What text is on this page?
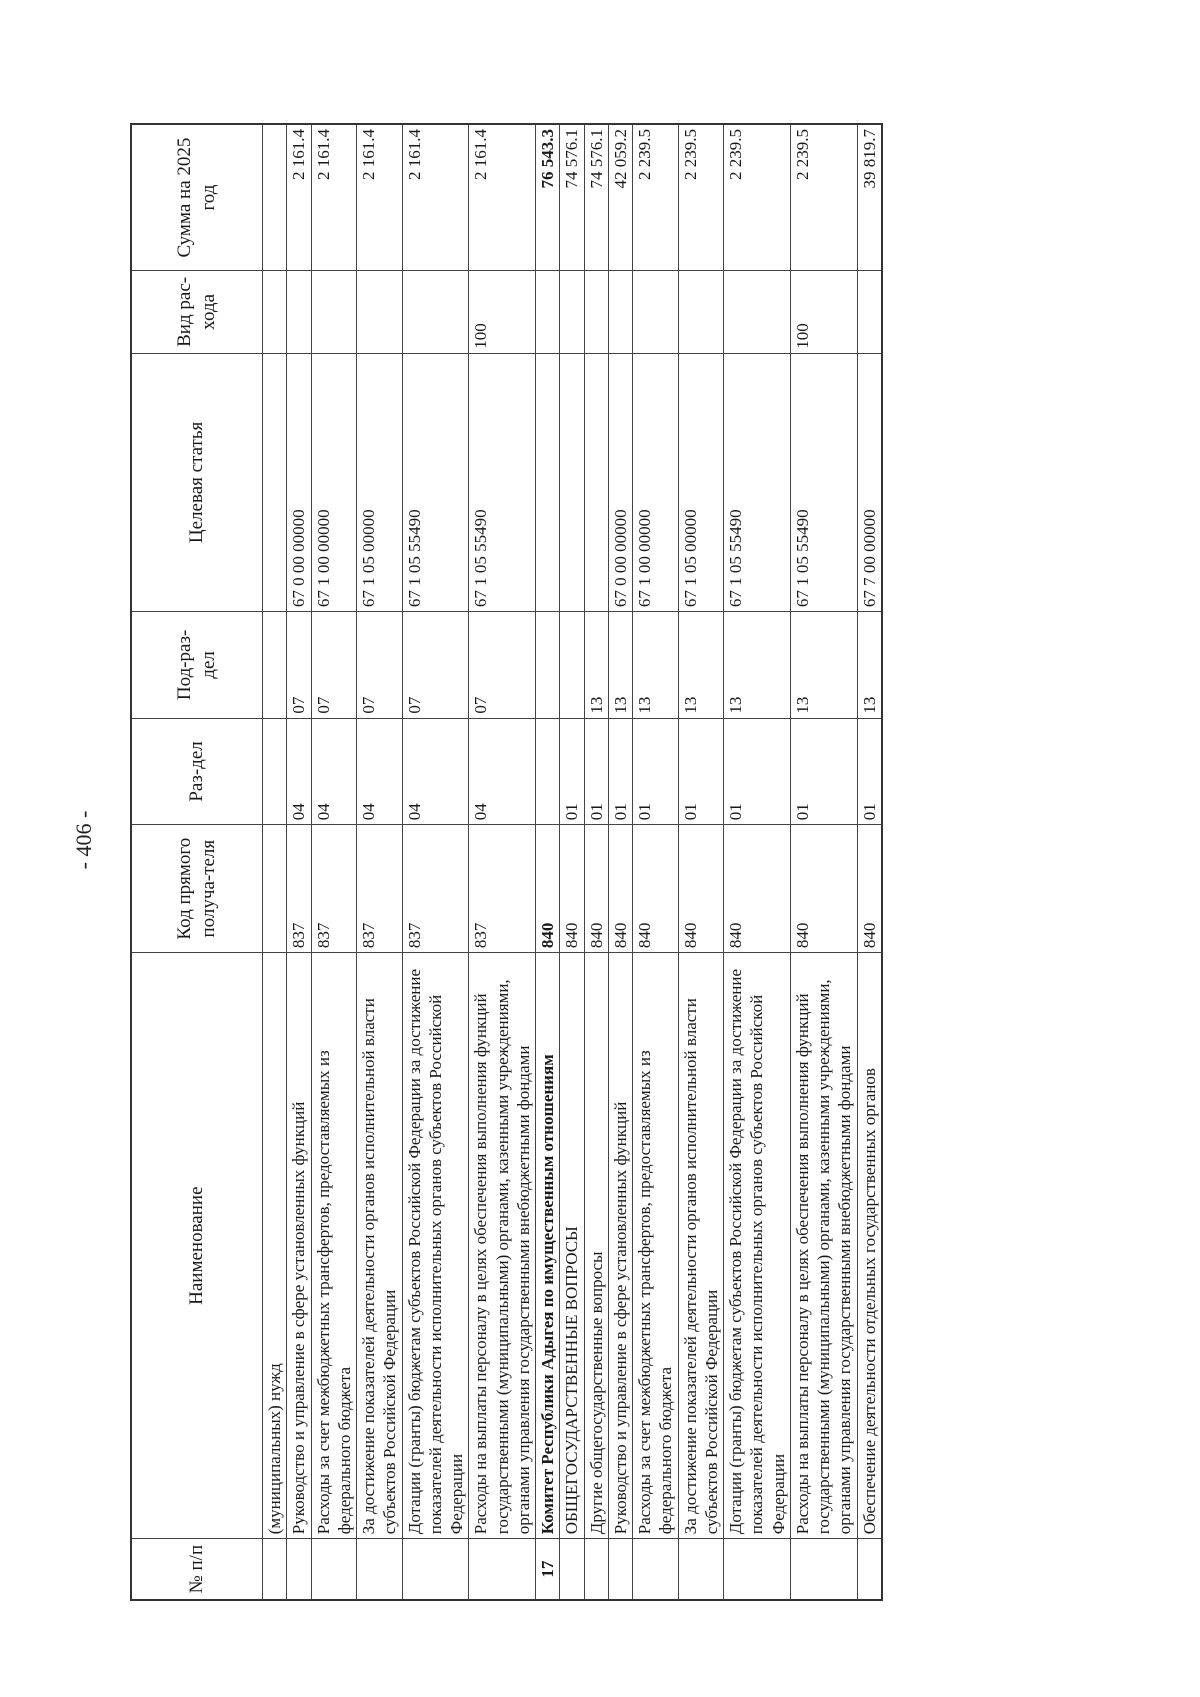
- 406 -
№ п/п	Наименование	Код прямого получа-теля	Раз-дел	Под-раз-дел	Целевая статья	Вид рас-хода	Сумма на 2025 год
	(муниципальных) нужд						
	Руководство и управление в сфере установленных функций	837	04	07	67 0 00 00000		2 161.4
	Расходы за счет межбюджетных трансфертов, предоставляемых из федерального бюджета	837	04	07	67 1 00 00000		2 161.4
	За достижение показателей деятельности органов исполнительной власти субъектов Российской Федерации	837	04	07	67 1 05 00000		2 161.4
	Дотации (гранты) бюджетам субъектов Российской Федерации за достижение показателей деятельности исполнительных органов субъектов Российской Федерации	837	04	07	67 1 05 55490		2 161.4
	Расходы на выплаты персоналу в целях обеспечения выполнения функций государственными (муниципальными) органами, казенными учреждениями, органами управления государственными внебюджетными фондами	837	04	07	67 1 05 55490	100	2 161.4
17	Комитет Республики Адыгея по имущественным отношениям	840					76 543.3
	ОБЩЕГОСУДАРСТВЕННЫЕ ВОПРОСЫ	840	01				74 576.1
	Другие общегосударственные вопросы	840	01	13			74 576.1
	Руководство и управление в сфере установленных функций	840	01	13	67 0 00 00000		42 059.2
	Расходы за счет межбюджетных трансфертов, предоставляемых из федерального бюджета	840	01	13	67 1 00 00000		2 239.5
	За достижение показателей деятельности органов исполнительной власти субъектов Российской Федерации	840	01	13	67 1 05 00000		2 239.5
	Дотации (гранты) бюджетам субъектов Российской Федерации за достижение показателей деятельности исполнительных органов субъектов Российской Федерации	840	01	13	67 1 05 55490		2 239.5
	Расходы на выплаты персоналу в целях обеспечения выполнения функций государственными (муниципальными) органами, казенными учреждениями, органами управления государственными внебюджетными фондами	840	01	13	67 1 05 55490	100	2 239.5
	Обеспечение деятельности отдельных государственных органов	840	01	13	67 7 00 00000		39 819.7
